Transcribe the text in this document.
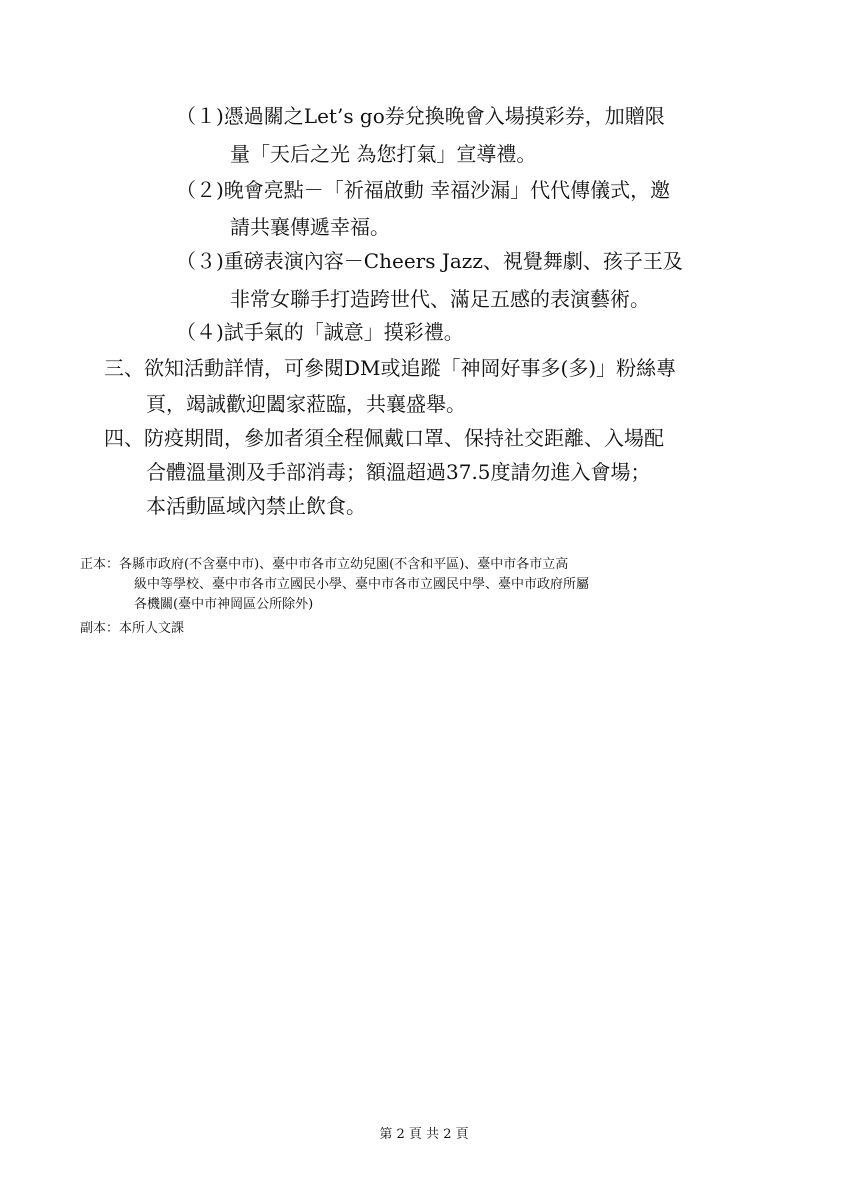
（１)憑過關之Let’s go券兌換晚會入場摸彩券，加贈限
量「天后之光 為您打氣」宣導禮。
（２)晚會亮點－「祈福啟動 幸福沙漏」代代傳儀式，邀
請共襄傳遞幸福。
（３)重磅表演內容－Cheers Jazz、視覺舞劇、孩子王及
非常女聯手打造跨世代、滿足五感的表演藝術。
（４)試手氣的「誠意」摸彩禮。
三、欲知活動詳情，可參閱DM或追蹤「神岡好事多(多)」粉絲專
頁，竭誠歡迎闔家蒞臨，共襄盛舉。
四、防疫期間，參加者須全程佩戴口罩、保持社交距離、入場配
合體溫量測及手部消毒；額溫超過37.5度請勿進入會場；
本活動區域內禁止飲食。
正本：各縣市政府(不含臺中市)、臺中市各市立幼兒園(不含和平區)、臺中市各市立高
級中等學校、臺中市各市立國民小學、臺中市各市立國民中學、臺中市政府所屬
各機關(臺中市神岡區公所除外)
副本：本所人文課
第 2 頁 共 2 頁
